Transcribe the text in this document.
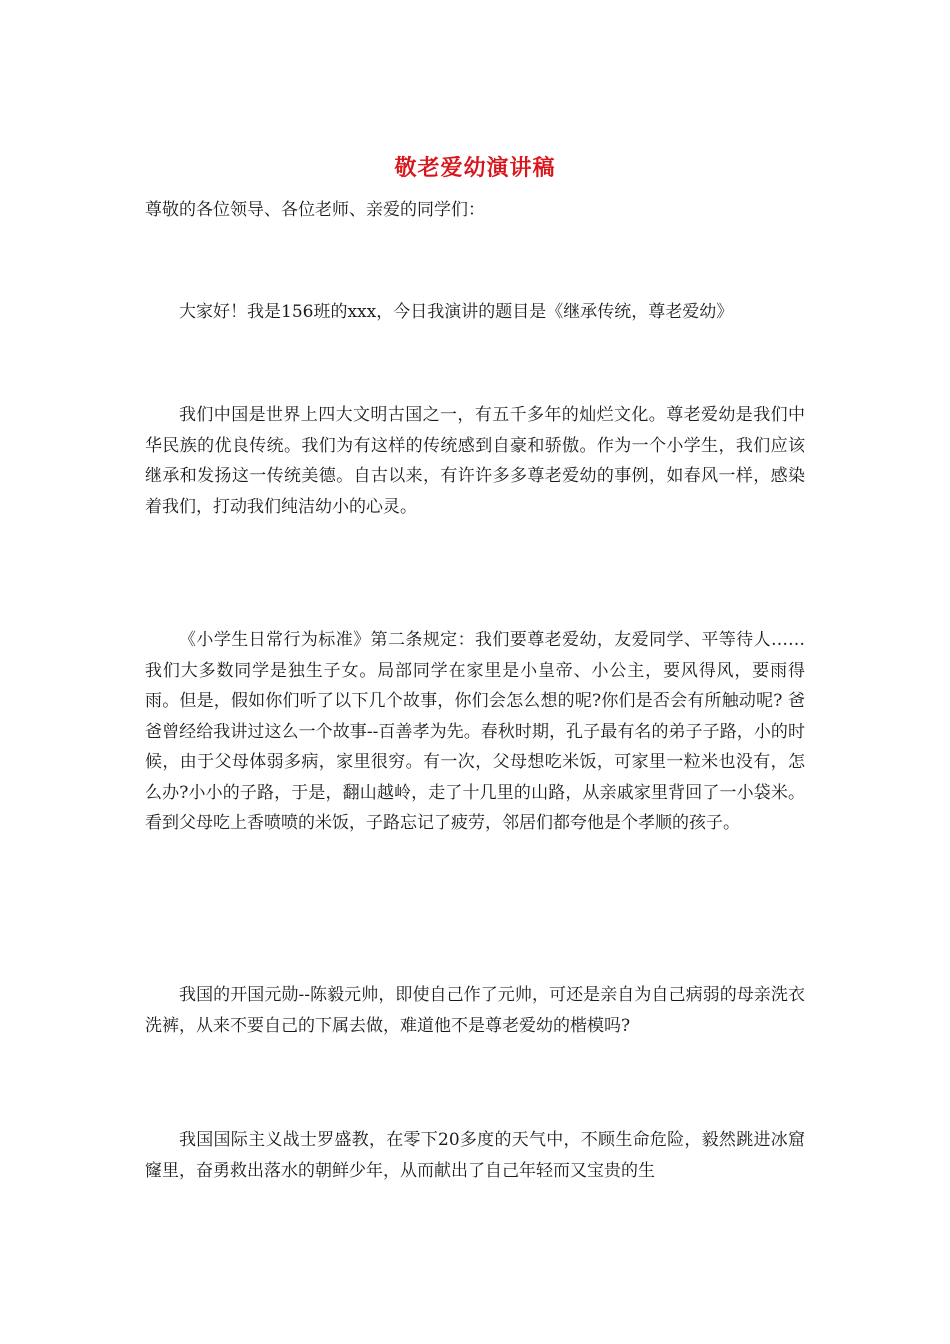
敬老爱幼演讲稿

尊敬的各位领导、各位老师、亲爱的同学们：

大家好！我是156班的xxx，今日我演讲的题目是《继承传统，尊老爱幼》

我们中国是世界上四大文明古国之一，有五千多年的灿烂文化。尊老爱幼是我们中华民族的优良传统。我们为有这样的传统感到自豪和骄傲。作为一个小学生，我们应该继承和发扬这一传统美德。自古以来，有许许多多尊老爱幼的事例，如春风一样，感染着我们，打动我们纯洁幼小的心灵。

《小学生日常行为标准》第二条规定：我们要尊老爱幼，友爱同学、平等待人…… 我们大多数同学是独生子女。局部同学在家里是小皇帝、小公主，要风得风，要雨得雨。但是，假如你们听了以下几个故事，你们会怎么想的呢?你们是否会有所触动呢? 爸爸曾经给我讲过这么一个故事--百善孝为先。春秋时期，孔子最有名的弟子子路，小的时候，由于父母体弱多病，家里很穷。有一次，父母想吃米饭，可家里一粒米也没有，怎么办?小小的子路，于是，翻山越岭，走了十几里的山路，从亲戚家里背回了一小袋米。看到父母吃上香喷喷的米饭，子路忘记了疲劳，邻居们都夸他是个孝顺的孩子。

我国的开国元勋--陈毅元帅，即使自己作了元帅，可还是亲自为自己病弱的母亲洗衣洗裤，从来不要自己的下属去做，难道他不是尊老爱幼的楷模吗?

我国国际主义战士罗盛教，在零下20多度的天气中，不顾生命危险，毅然跳进冰窟窿里，奋勇救出落水的朝鲜少年，从而献出了自己年轻而又宝贵的生
